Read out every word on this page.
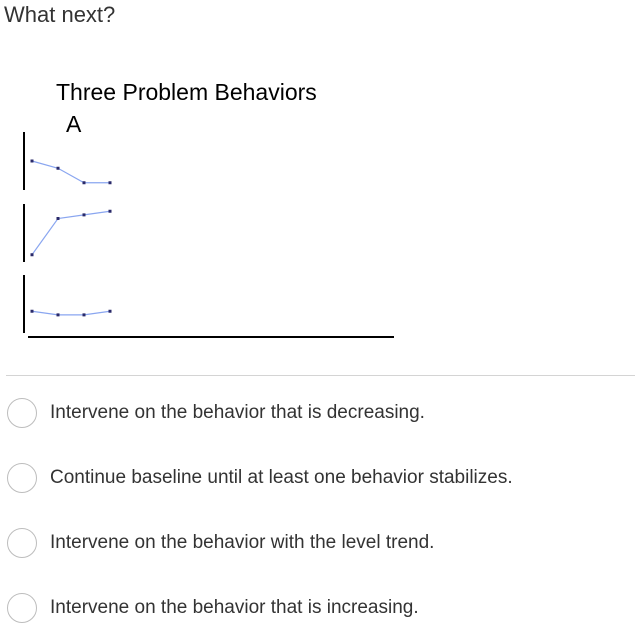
What next?
Three Problem Behaviors
A
Intervene on the behavior that is decreasing.
Continue baseline until at least one behavior stabilizes.
Intervene on the behavior with the level trend.
Intervene on the behavior that is increasing.
